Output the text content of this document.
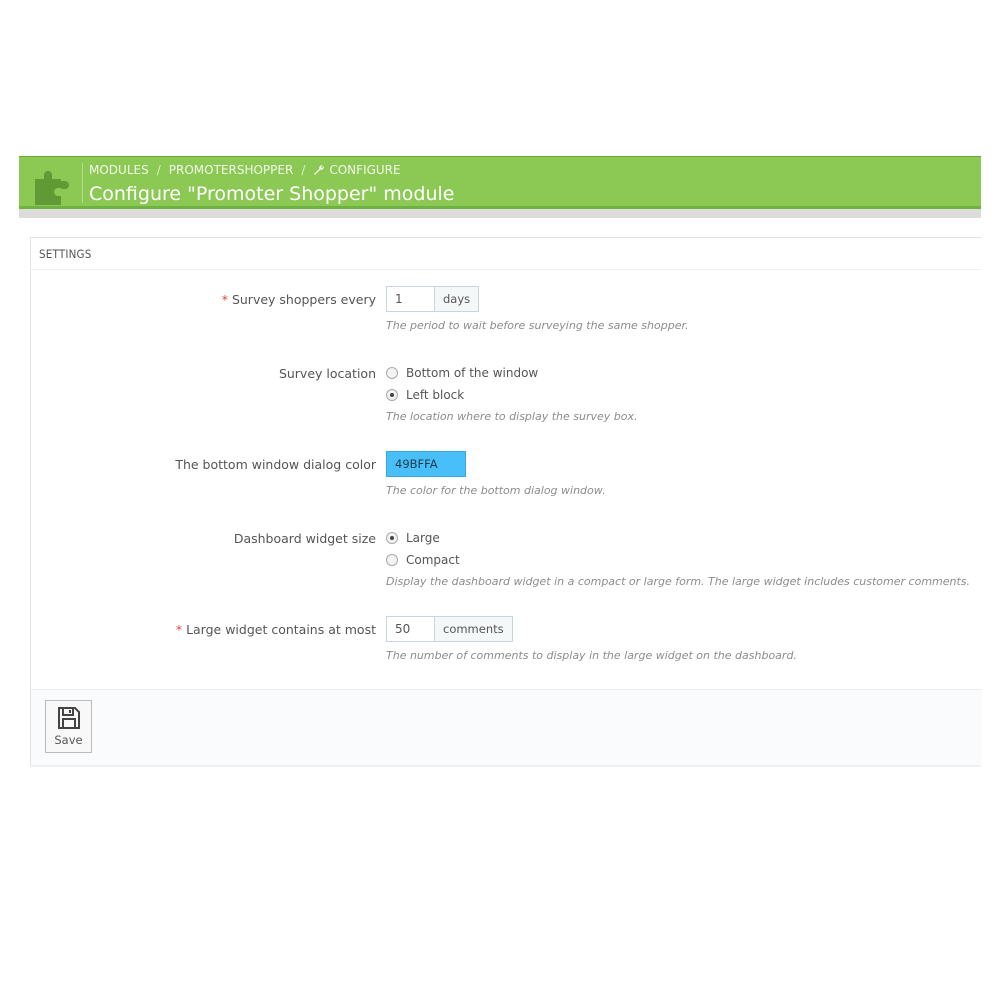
MODULES / PROMOTERSHOPPER / CONFIGURE
Configure "Promoter Shopper" module
SETTINGS
* Survey shoppers every	1	days
The period to wait before surveying the same shopper.
Survey location	Bottom of the window
Left block
The location where to display the survey box.
The bottom window dialog color	49BFFA
The color for the bottom dialog window.
Dashboard widget size	Large
Compact
Display the dashboard widget in a compact or large form. The large widget includes customer comments.
* Large widget contains at most	50	comments
The number of comments to display in the large widget on the dashboard.
Save
